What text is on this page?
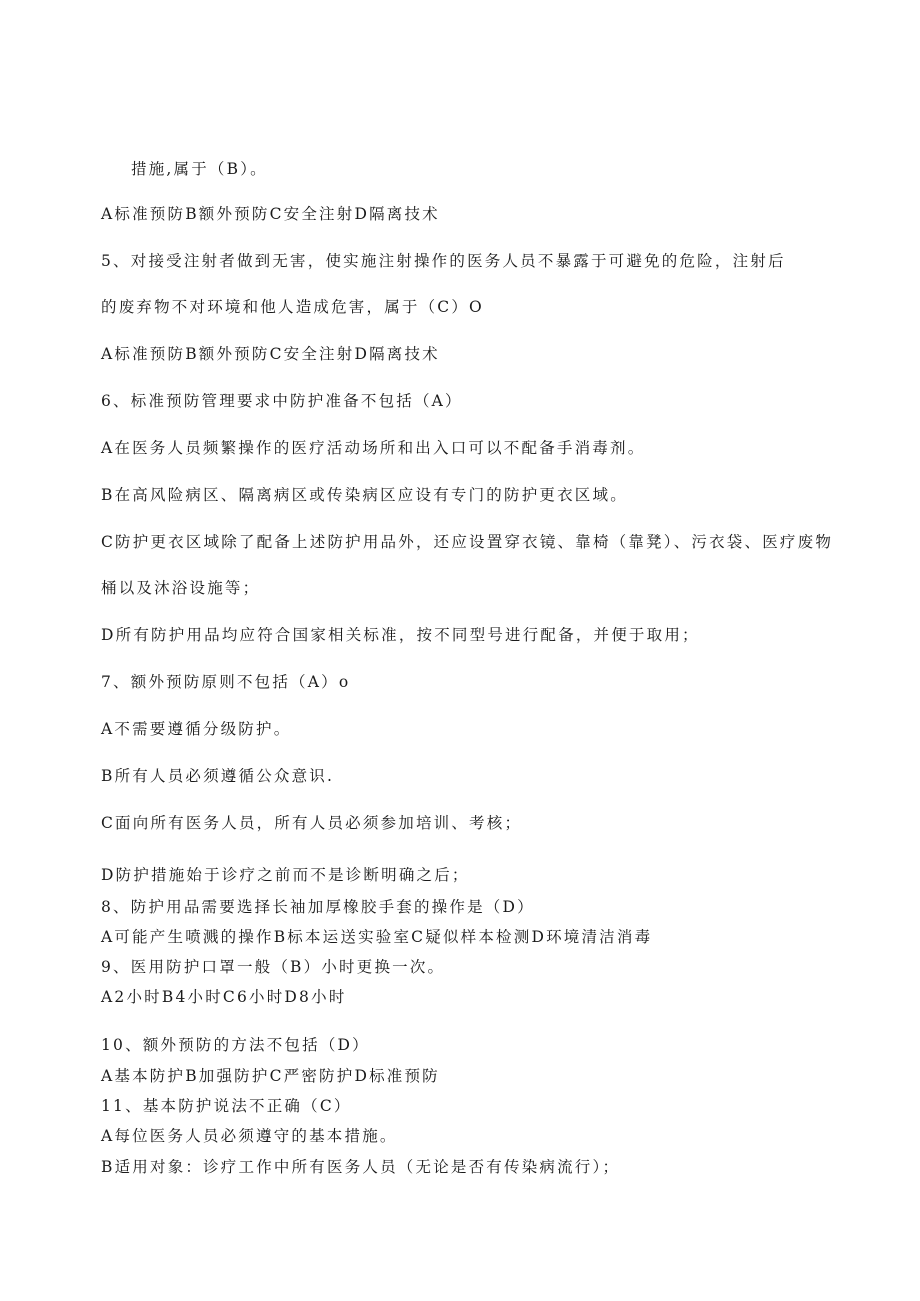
措施,属于（B）。
A标准预防B额外预防C安全注射D隔离技术
5、对接受注射者做到无害，使实施注射操作的医务人员不暴露于可避免的危险，注射后
的废弃物不对环境和他人造成危害，属于（C）O
A标准预防B额外预防C安全注射D隔离技术
6、标准预防管理要求中防护准备不包括（A）
A在医务人员频繁操作的医疗活动场所和出入口可以不配备手消毒剂。
B在高风险病区、隔离病区或传染病区应设有专门的防护更衣区域。
C防护更衣区域除了配备上述防护用品外，还应设置穿衣镜、靠椅（靠凳）、污衣袋、医疗废物
桶以及沐浴设施等；
D所有防护用品均应符合国家相关标准，按不同型号进行配备，并便于取用；
7、额外预防原则不包括（A）o
A不需要遵循分级防护。
B所有人员必须遵循公众意识.
C面向所有医务人员，所有人员必须参加培训、考核；
D防护措施始于诊疗之前而不是诊断明确之后；
8、防护用品需要选择长袖加厚橡胶手套的操作是（D）
A可能产生喷溅的操作B标本运送实验室C疑似样本检测D环境清洁消毒
9、医用防护口罩一般（B）小时更换一次。
A2小时B4小时C6小时D8小时
10、额外预防的方法不包括（D）
A基本防护B加强防护C严密防护D标准预防
11、基本防护说法不正确（C）
A每位医务人员必须遵守的基本措施。
B适用对象：诊疗工作中所有医务人员（无论是否有传染病流行）；
